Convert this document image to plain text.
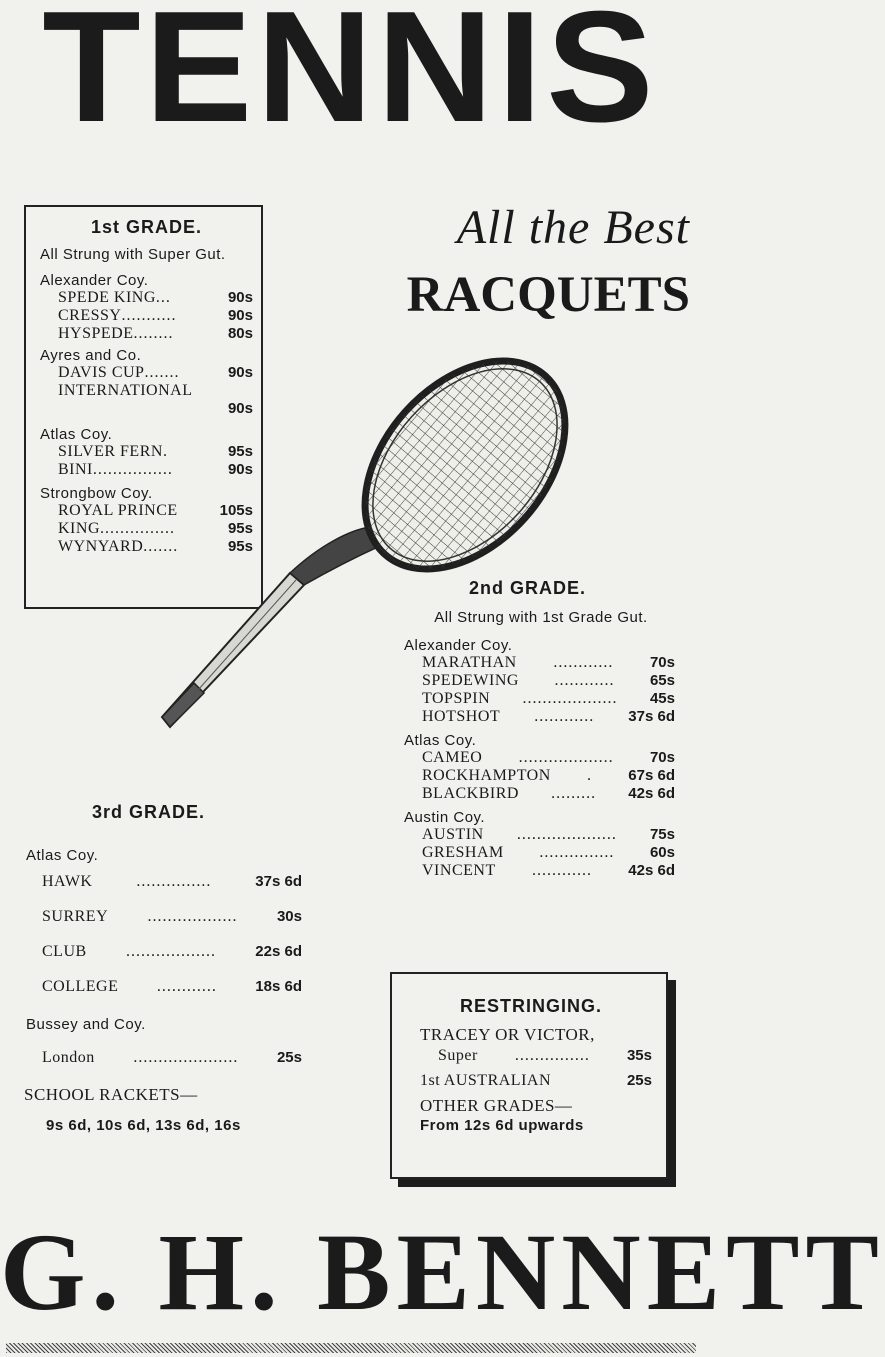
TENNIS
1st GRADE.
All Strung with Super Gut.
Alexander Coy.
SPEDE KING ...	90s
CRESSY ...........	90s
HYSPEDE ........	80s
Ayres and Co.
DAVIS CUP .......	90s
INTERNATIONAL
90s
Atlas Coy.
SILVER FERN .	95s
BINI ................	90s
Strongbow Coy.
ROYAL PRINCE	105s
KING ...............	95s
WYNYARD .......	95s
All the Best
RACQUETS
2nd GRADE.
All Strung with 1st Grade Gut.
Alexander Coy.
MARATHAN	............	70s
SPEDEWING	............	65s
TOPSPIN	...................	45s
HOTSHOT	............	37s 6d
Atlas Coy.
CAMEO	...................	70s
ROCKHAMPTON	.	67s 6d
BLACKBIRD	.........	42s 6d
Austin Coy.
AUSTIN	....................	75s
GRESHAM	...............	60s
VINCENT	............	42s 6d
3rd GRADE.
Atlas Coy.
HAWK	...............	37s 6d
SURREY	..................	30s
CLUB	..................	22s 6d
COLLEGE	............	18s 6d
Bussey and Coy.
London	.....................	25s
SCHOOL RACKETS—
9s 6d, 10s 6d, 13s 6d, 16s
RESTRINGING.
TRACEY OR VICTOR,
Super	...............	35s
1st AUSTRALIAN	25s
OTHER GRADES—
From 12s 6d upwards
G. H. BENNETT
